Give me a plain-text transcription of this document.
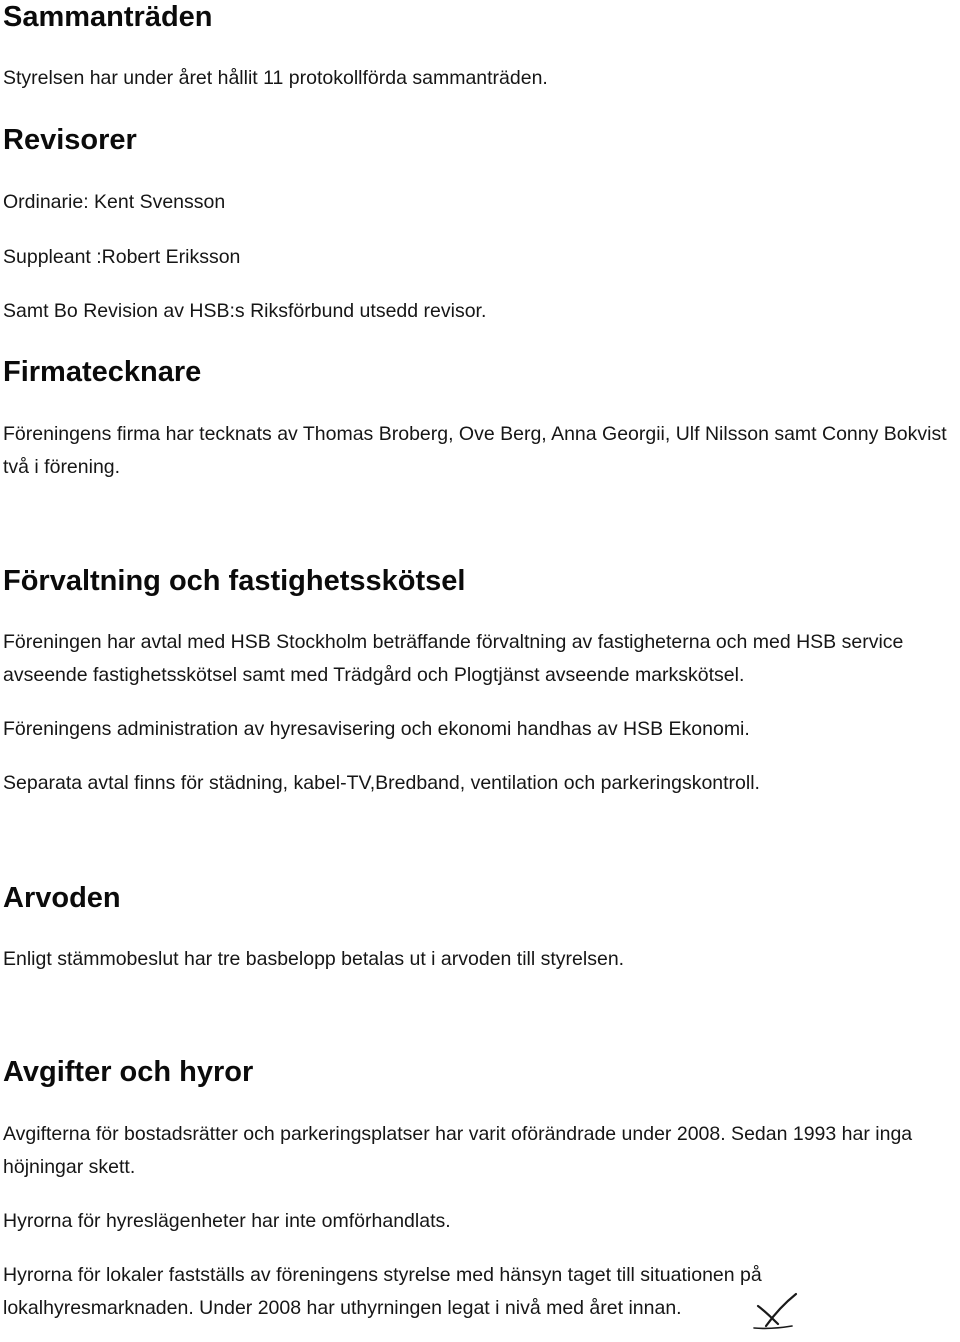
Sammanträden

Styrelsen har under året hållit 11 protokollförda sammanträden.

Revisorer

Ordinarie: Kent Svensson

Suppleant :Robert Eriksson

Samt Bo Revision av HSB:s Riksförbund utsedd revisor.

Firmatecknare

Föreningens firma har tecknats av Thomas Broberg, Ove Berg, Anna Georgii, Ulf Nilsson samt Conny Bokvist två i förening.

Förvaltning och fastighetsskötsel

Föreningen har avtal med HSB Stockholm beträffande förvaltning av fastigheterna och med HSB service avseende fastighetsskötsel samt med Trädgård och Plogtjänst avseende markskötsel.

Föreningens administration av hyresavisering och ekonomi handhas av HSB Ekonomi.

Separata avtal finns för städning, kabel-TV,Bredband, ventilation och parkeringskontroll.

Arvoden

Enligt stämmobeslut har tre basbelopp betalas ut i arvoden till styrelsen.

Avgifter och hyror

Avgifterna för bostadsrätter och parkeringsplatser har varit oförändrade under 2008. Sedan 1993 har inga höjningar skett.

Hyrorna för hyreslägenheter har inte omförhandlats.

Hyrorna för lokaler fastställs av föreningens styrelse med hänsyn taget till situationen på lokalhyresmarknaden. Under 2008 har uthyrningen legat i nivå med året innan.
